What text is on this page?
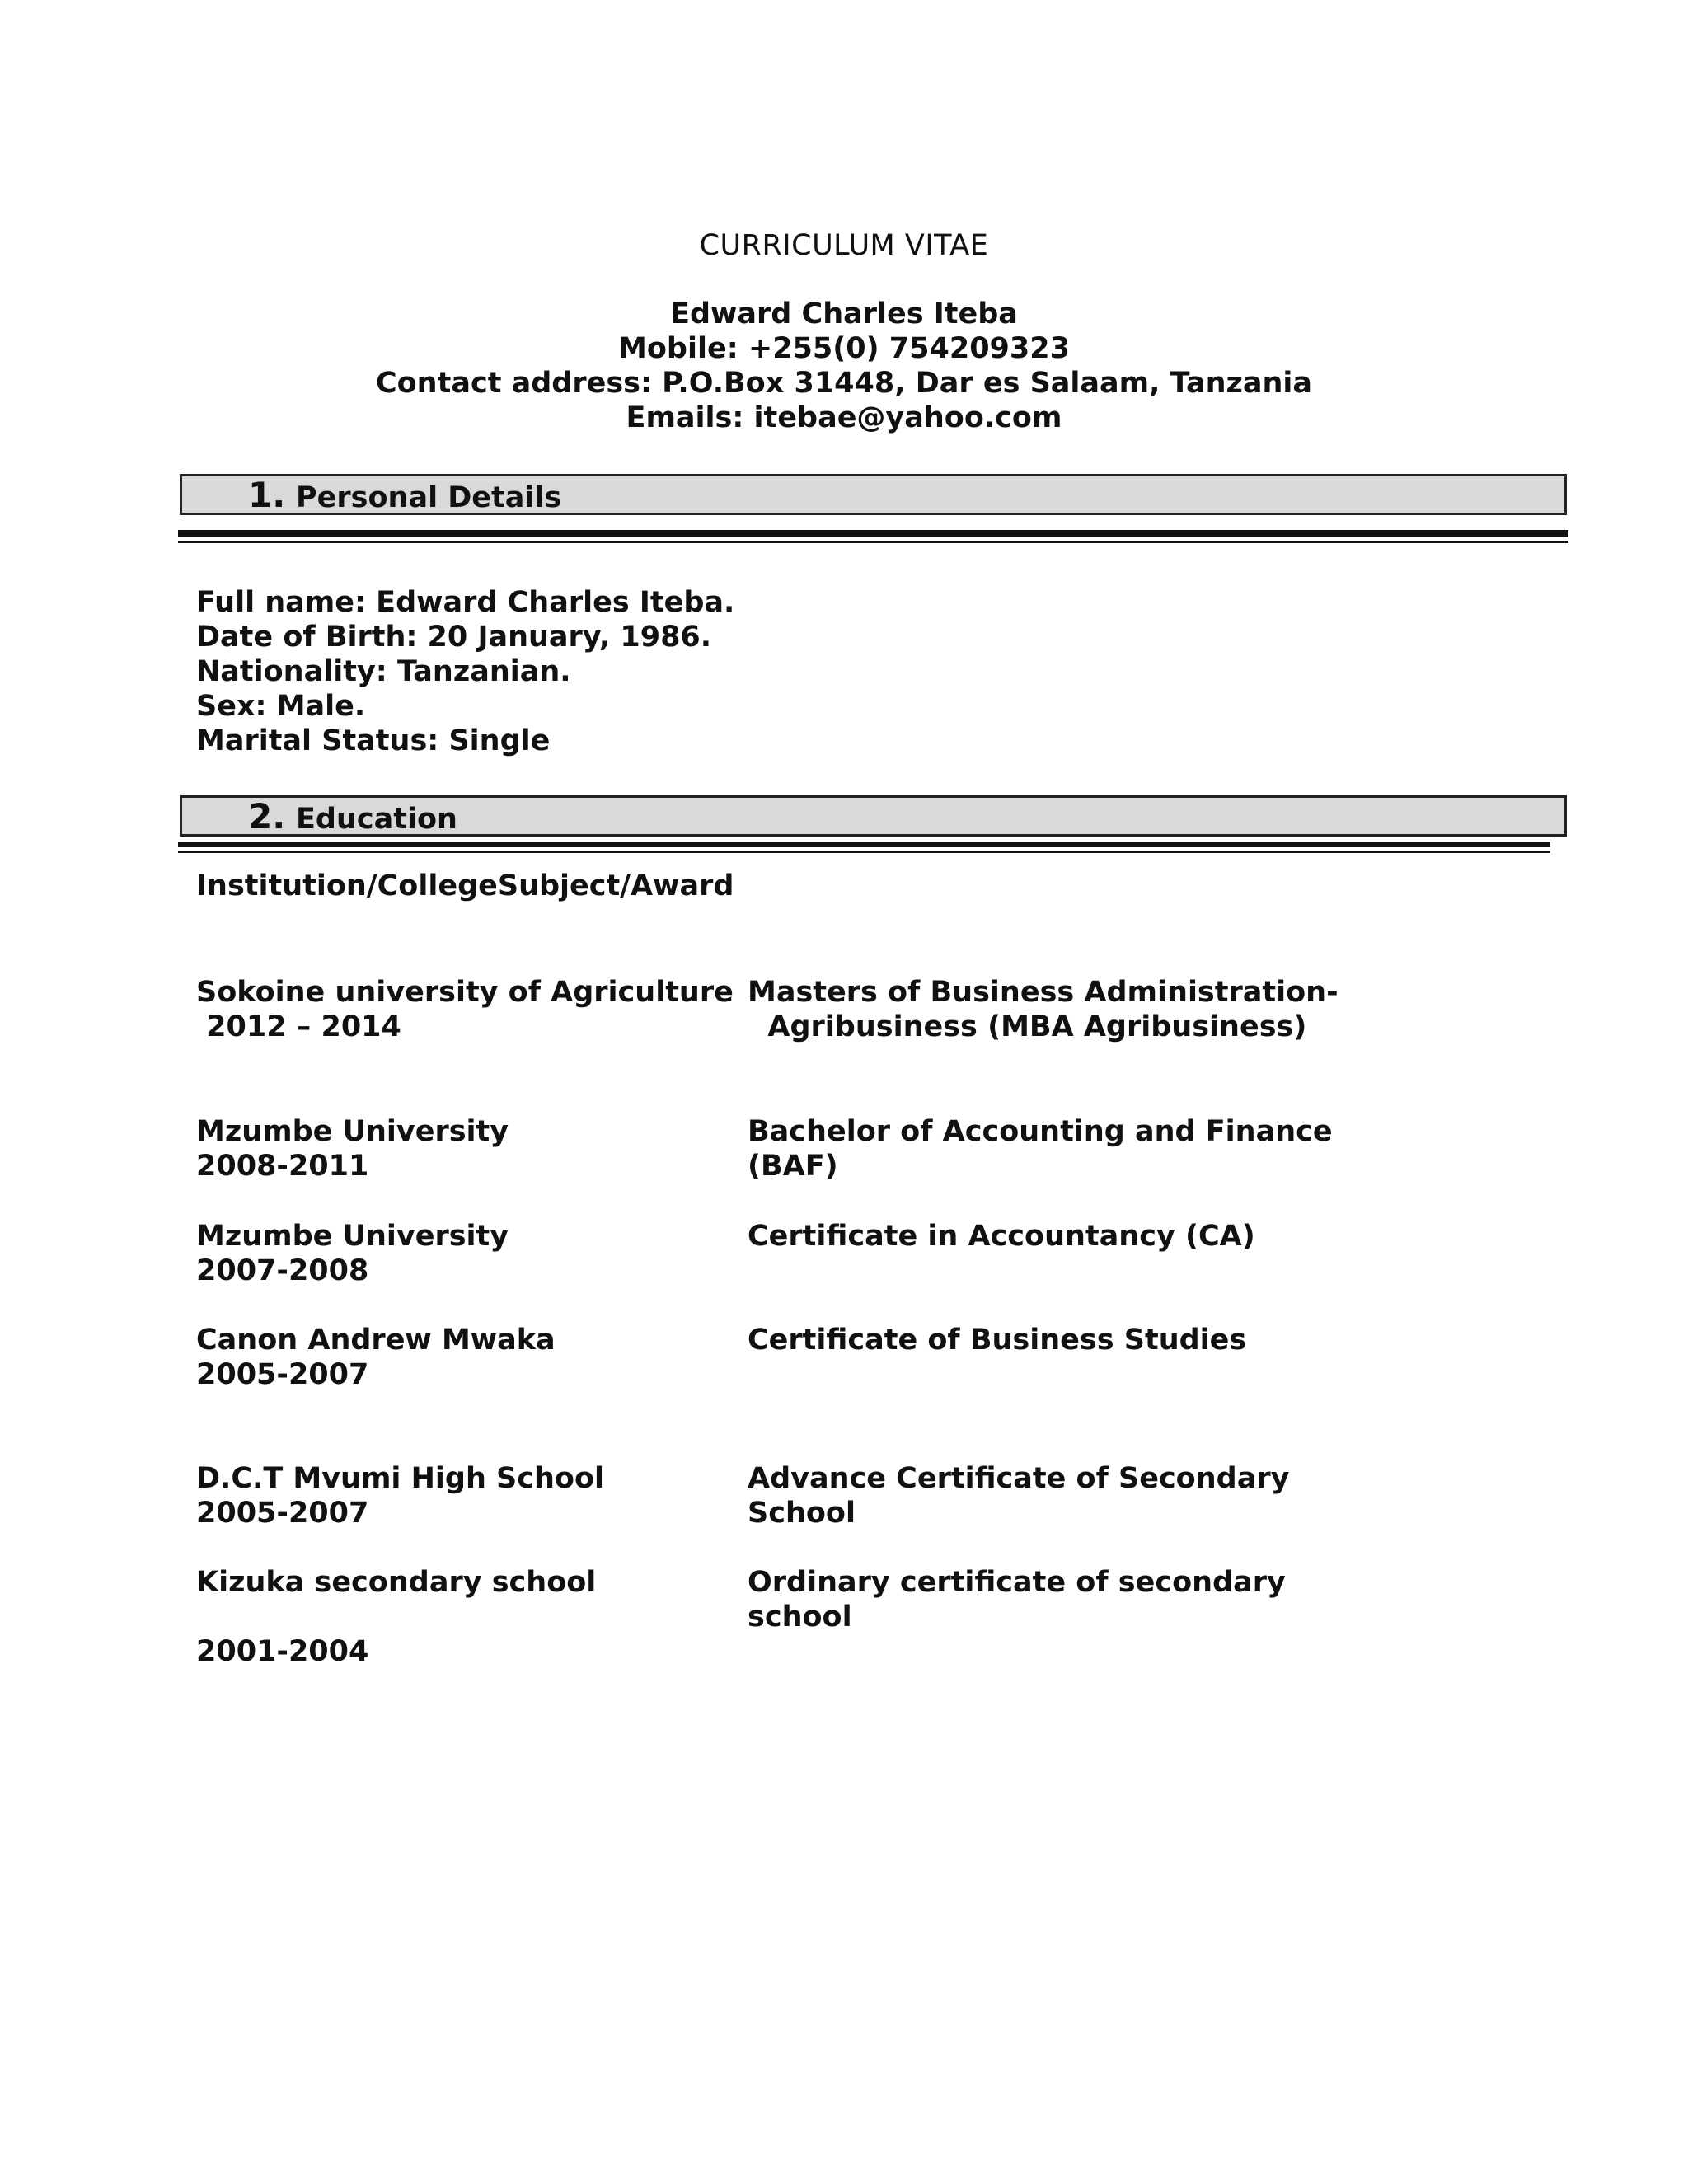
CURRICULUM VITAE
Edward Charles Iteba
Mobile: +255(0) 754209323
Contact address: P.O.Box 31448, Dar es Salaam, Tanzania
Emails: itebae@yahoo.com
1. Personal Details
Full name: Edward Charles Iteba.
Date of Birth: 20 January, 1986.
Nationality: Tanzanian.
Sex: Male.
Marital Status: Single
2. Education
Institution/CollegeSubject/Award
Sokoine university of Agriculture
2012 – 2014
Masters of Business Administration-
Agribusiness (MBA Agribusiness)
Mzumbe University
2008-2011
Bachelor of Accounting and Finance
(BAF)
Mzumbe University
2007-2008
Certificate in Accountancy (CA)
Canon Andrew Mwaka
2005-2007
Certificate of Business Studies
D.C.T Mvumi High School
2005-2007
Advance Certificate of Secondary
School
Kizuka secondary school
2001-2004
Ordinary certificate of secondary
school
